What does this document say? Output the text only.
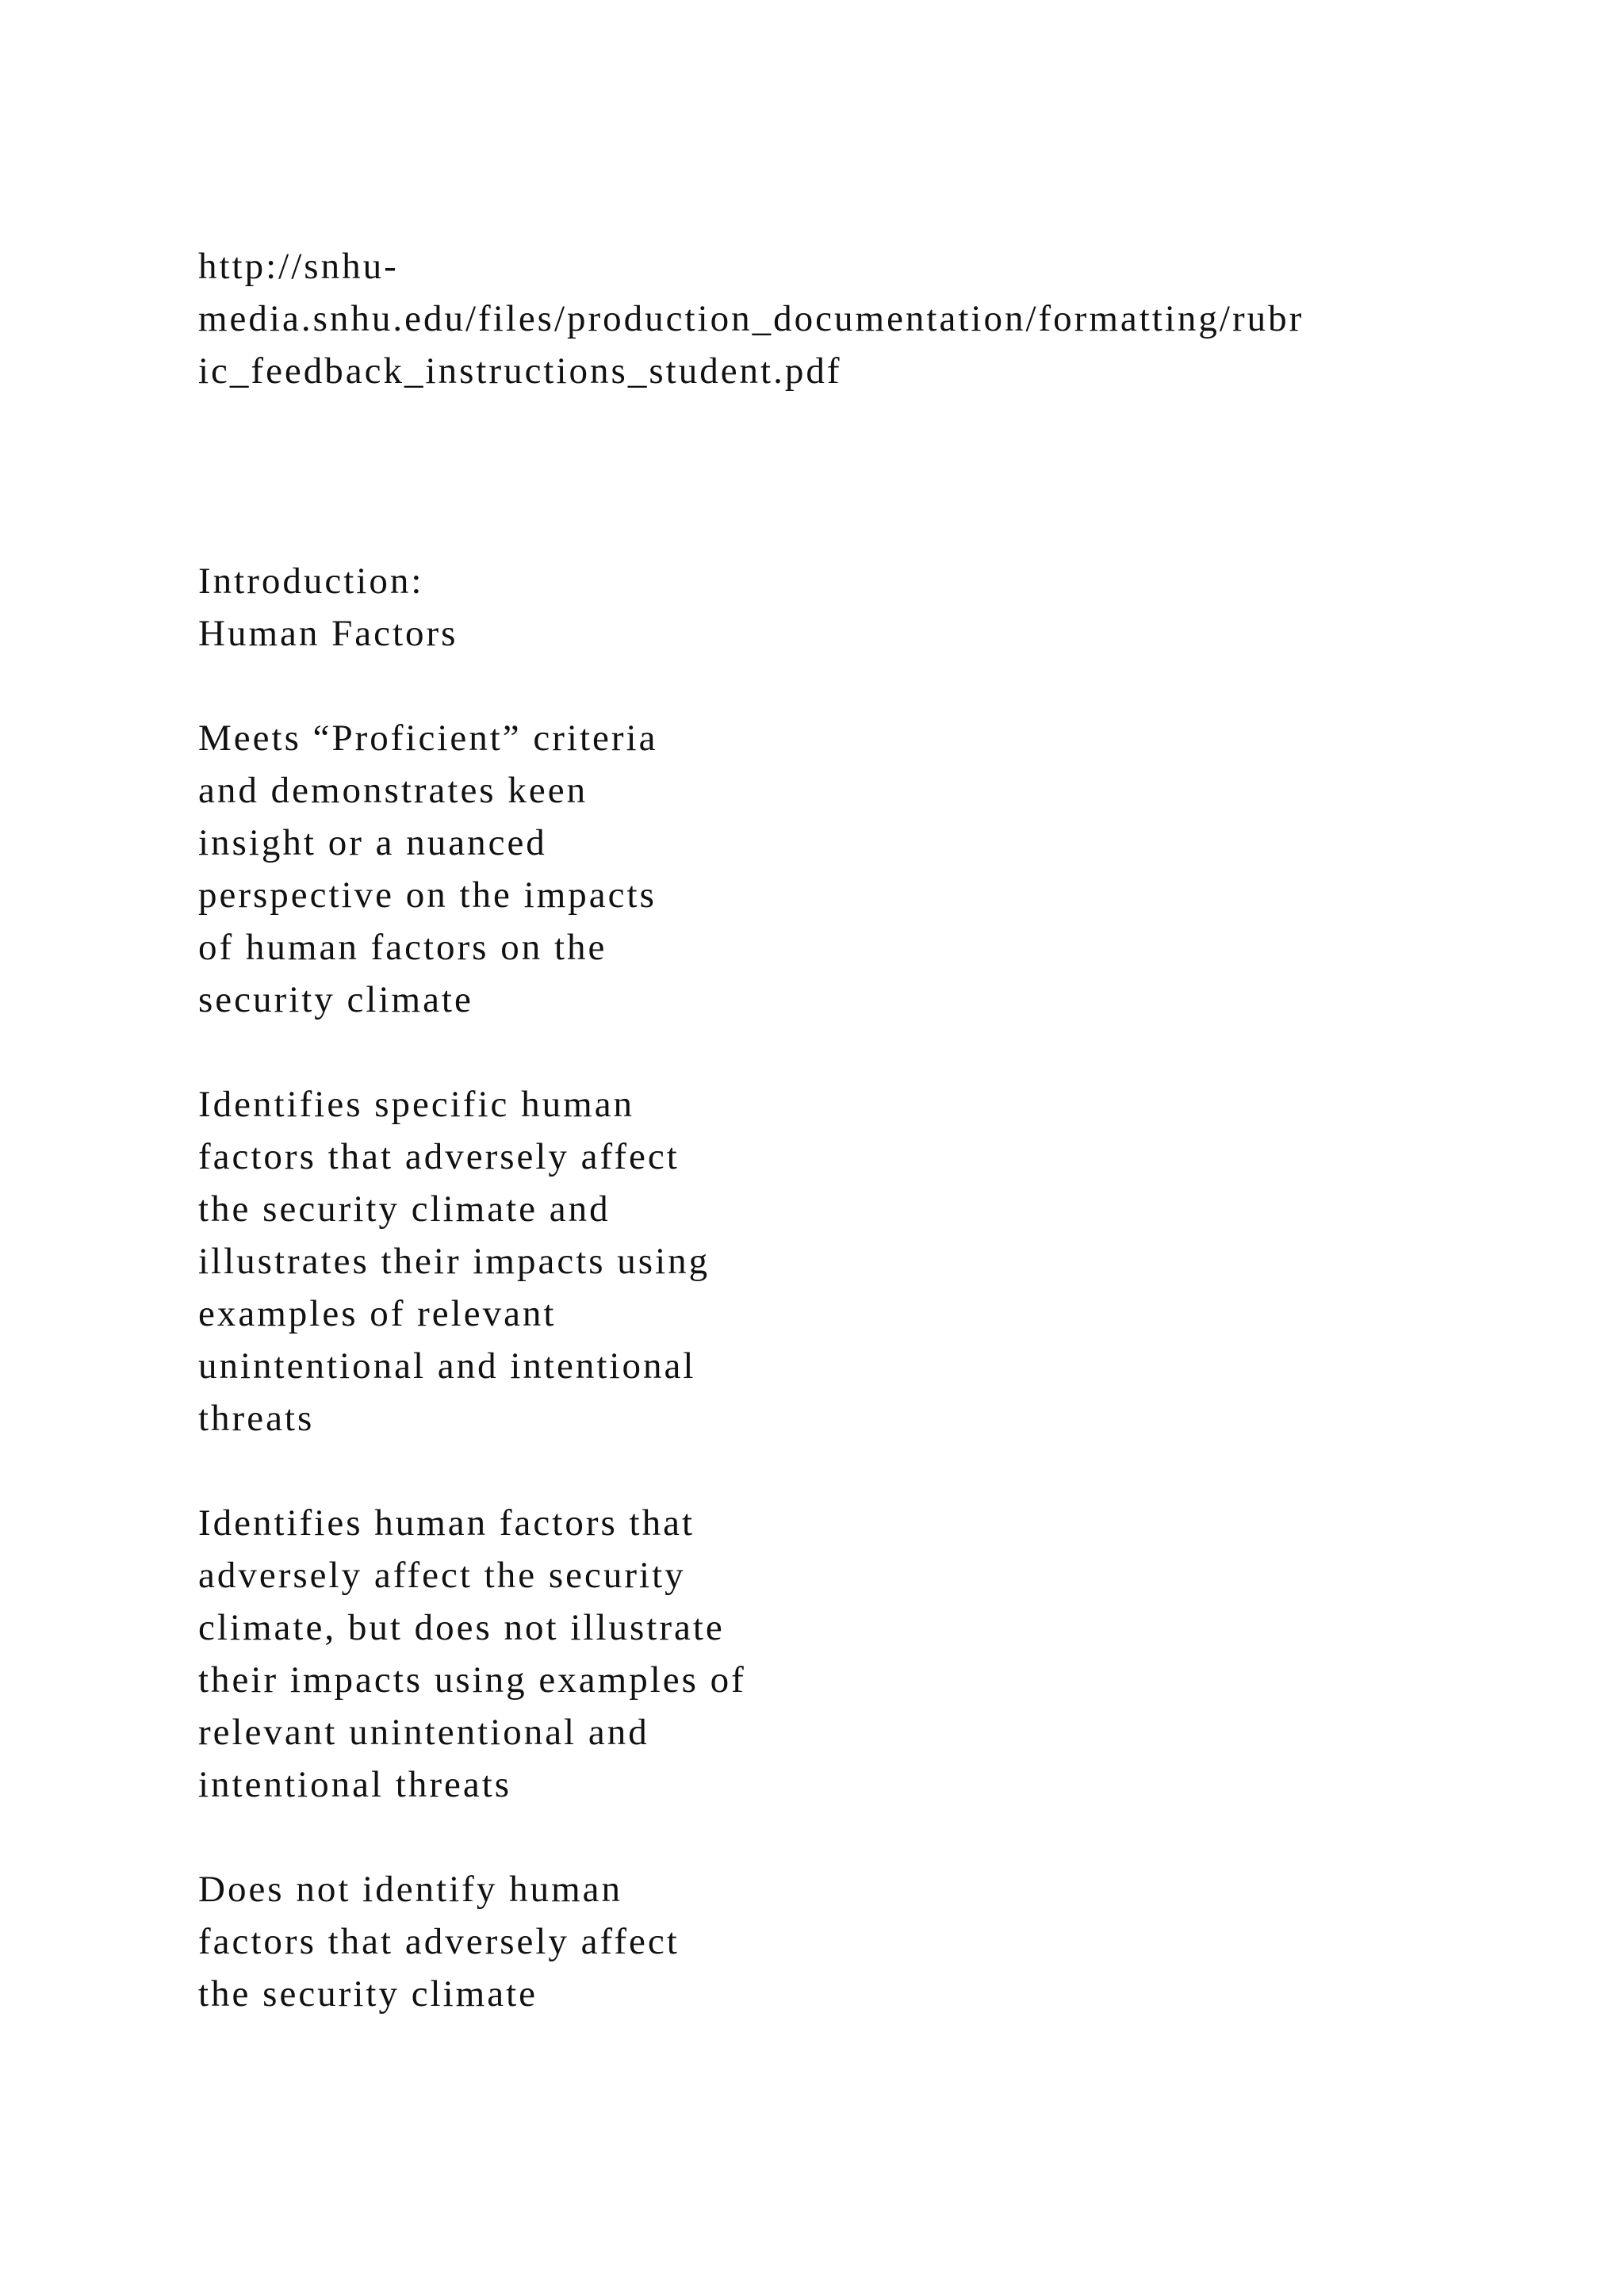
http://snhu-

media.snhu.edu/files/production_documentation/formatting/rubr

ic_feedback_instructions_student.pdf

Introduction:

Human Factors

Meets “Proficient” criteria

and demonstrates keen

insight or a nuanced

perspective on the impacts

of human factors on the

security climate

Identifies specific human

factors that adversely affect

the security climate and

illustrates their impacts using

examples of relevant

unintentional and intentional

threats

Identifies human factors that

adversely affect the security

climate, but does not illustrate

their impacts using examples of

relevant unintentional and

intentional threats

Does not identify human

factors that adversely affect

the security climate
